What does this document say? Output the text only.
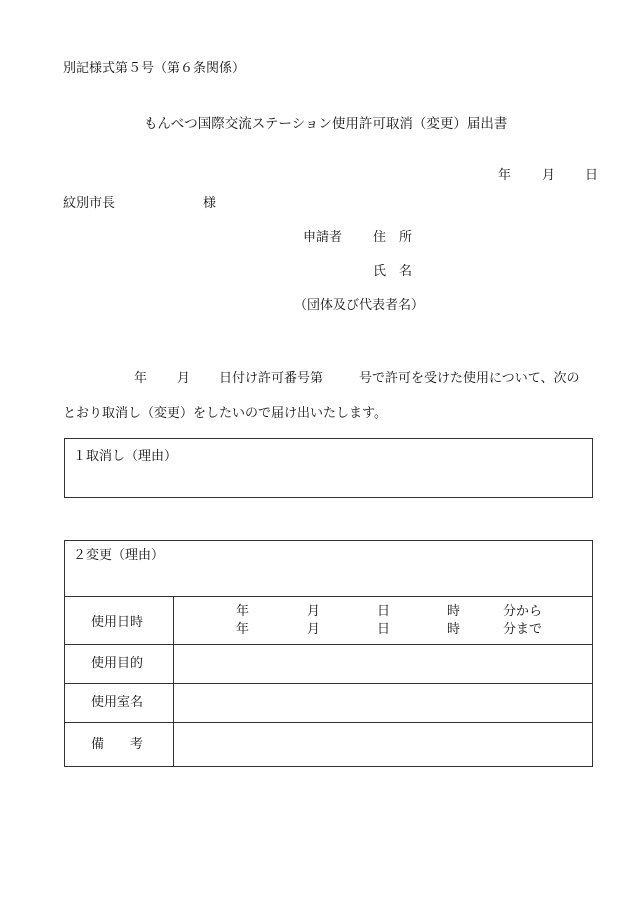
別記様式第５号（第６条関係）
もんべつ国際交流ステーション使用許可取消（変更）届出書
年 月 日
紋別市長	様
申請者 住　所
氏　名
（団体及び代表者名）
年 月 日付け許可番号第	号で許可を受けた使用について、次の
とおり取消し（変更）をしたいので届け出いたします。
１取消し（理由）
２変更（理由）
使用日時
年	月	日	時	分から
年	月	日	時	分まで
使用目的
使用室名
備　　考
